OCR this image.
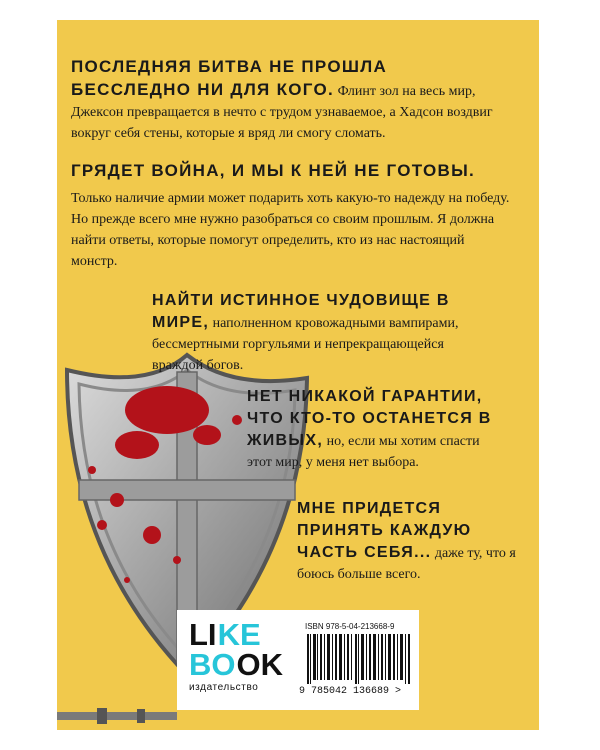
ПОСЛЕДНЯЯ БИТВА НЕ ПРОШЛА БЕССЛЕДНО НИ ДЛЯ КОГО. Флинт зол на весь мир, Джексон превращается в нечто с трудом узнаваемое, а Хадсон воздвиг вокруг себя стены, которые я вряд ли смогу сломать.
ГРЯДЕТ ВОЙНА, И МЫ К НЕЙ НЕ ГОТОВЫ.
Только наличие армии может подарить хоть какую-то надежду на победу. Но прежде всего мне нужно разобраться со своим прошлым. Я должна найти ответы, которые помогут определить, кто из нас настоящий монстр.
НАЙТИ ИСТИННОЕ ЧУДОВИЩЕ В МИРЕ, наполненном кровожадными вампирами, бессмертными горгульями и непрекращающейся враждой богов.
НЕТ НИКАКОЙ ГАРАНТИИ, ЧТО КТО-ТО ОСТАНЕТСЯ В ЖИВЫХ, но, если мы хотим спасти этот мир, у меня нет выбора.
МНЕ ПРИДЕТСЯ ПРИНЯТЬ КАЖДУЮ ЧАСТЬ СЕБЯ... даже ту, что я боюсь больше всего.
LI KE
BO OK
издательство
ISBN 978-5-04-213668-9
9 785042 136689 >
